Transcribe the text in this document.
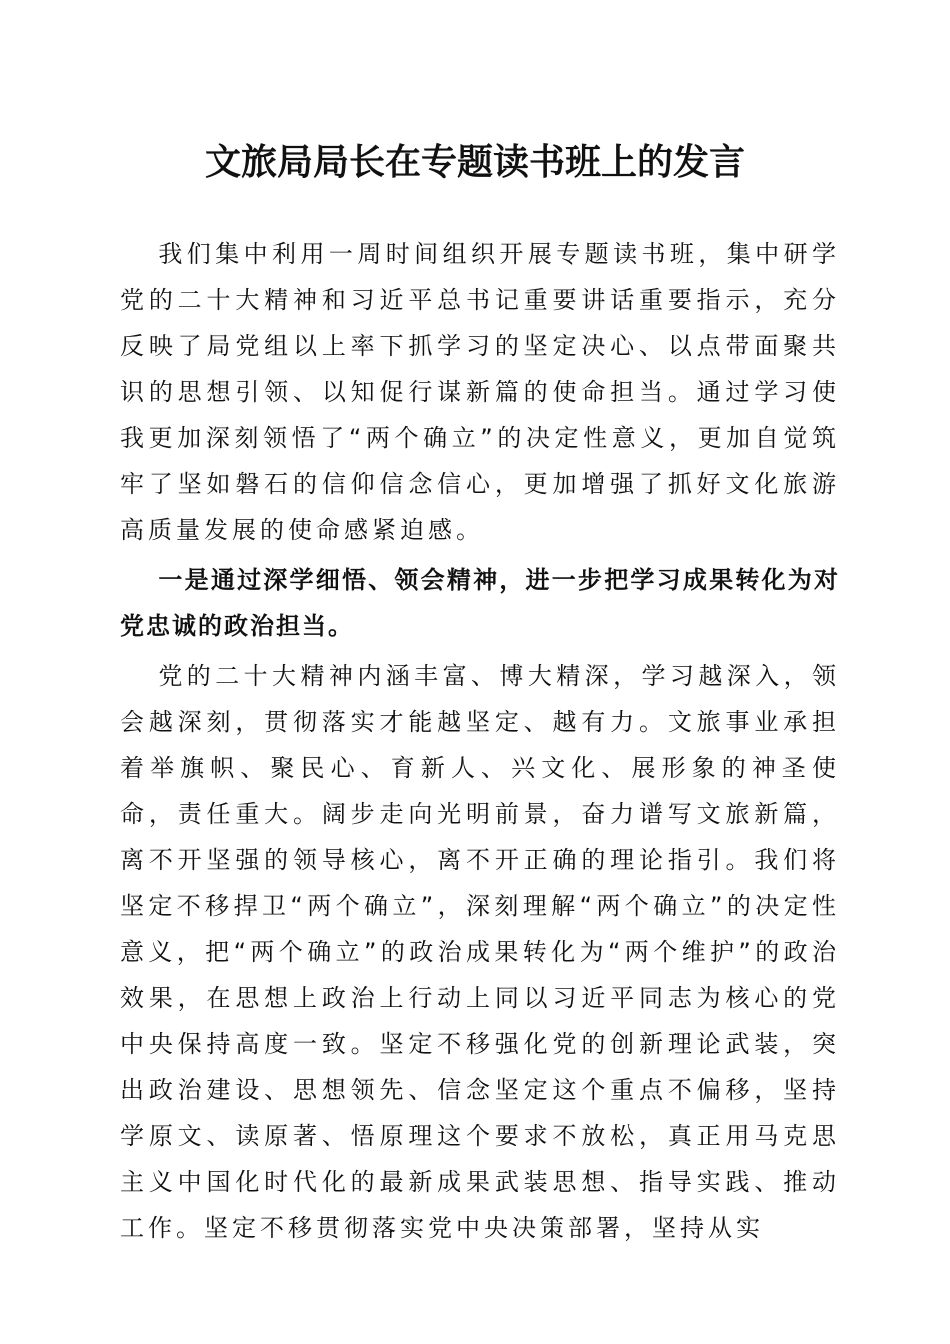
文旅局局长在专题读书班上的发言

我们集中利用一周时间组织开展专题读书班，集中研学党的二十大精神和习近平总书记重要讲话重要指示，充分反映了局党组以上率下抓学习的坚定决心、以点带面聚共识的思想引领、以知促行谋新篇的使命担当。通过学习使我更加深刻领悟了“两个确立”的决定性意义，更加自觉筑牢了坚如磐石的信仰信念信心，更加增强了抓好文化旅游高质量发展的使命感紧迫感。

一是通过深学细悟、领会精神，进一步把学习成果转化为对党忠诚的政治担当。

党的二十大精神内涵丰富、博大精深，学习越深入，领会越深刻，贯彻落实才能越坚定、越有力。文旅事业承担着举旗帜、聚民心、育新人、兴文化、展形象的神圣使命，责任重大。阔步走向光明前景，奋力谱写文旅新篇，离不开坚强的领导核心，离不开正确的理论指引。我们将坚定不移捍卫“两个确立”，深刻理解“两个确立”的决定性意义，把“两个确立”的政治成果转化为“两个维护”的政治效果，在思想上政治上行动上同以习近平同志为核心的党中央保持高度一致。坚定不移强化党的创新理论武装，突出政治建设、思想领先、信念坚定这个重点不偏移，坚持学原文、读原著、悟原理这个要求不放松，真正用马克思主义中国化时代化的最新成果武装思想、指导实践、推动工作。坚定不移贯彻落实党中央决策部署，坚持从实
